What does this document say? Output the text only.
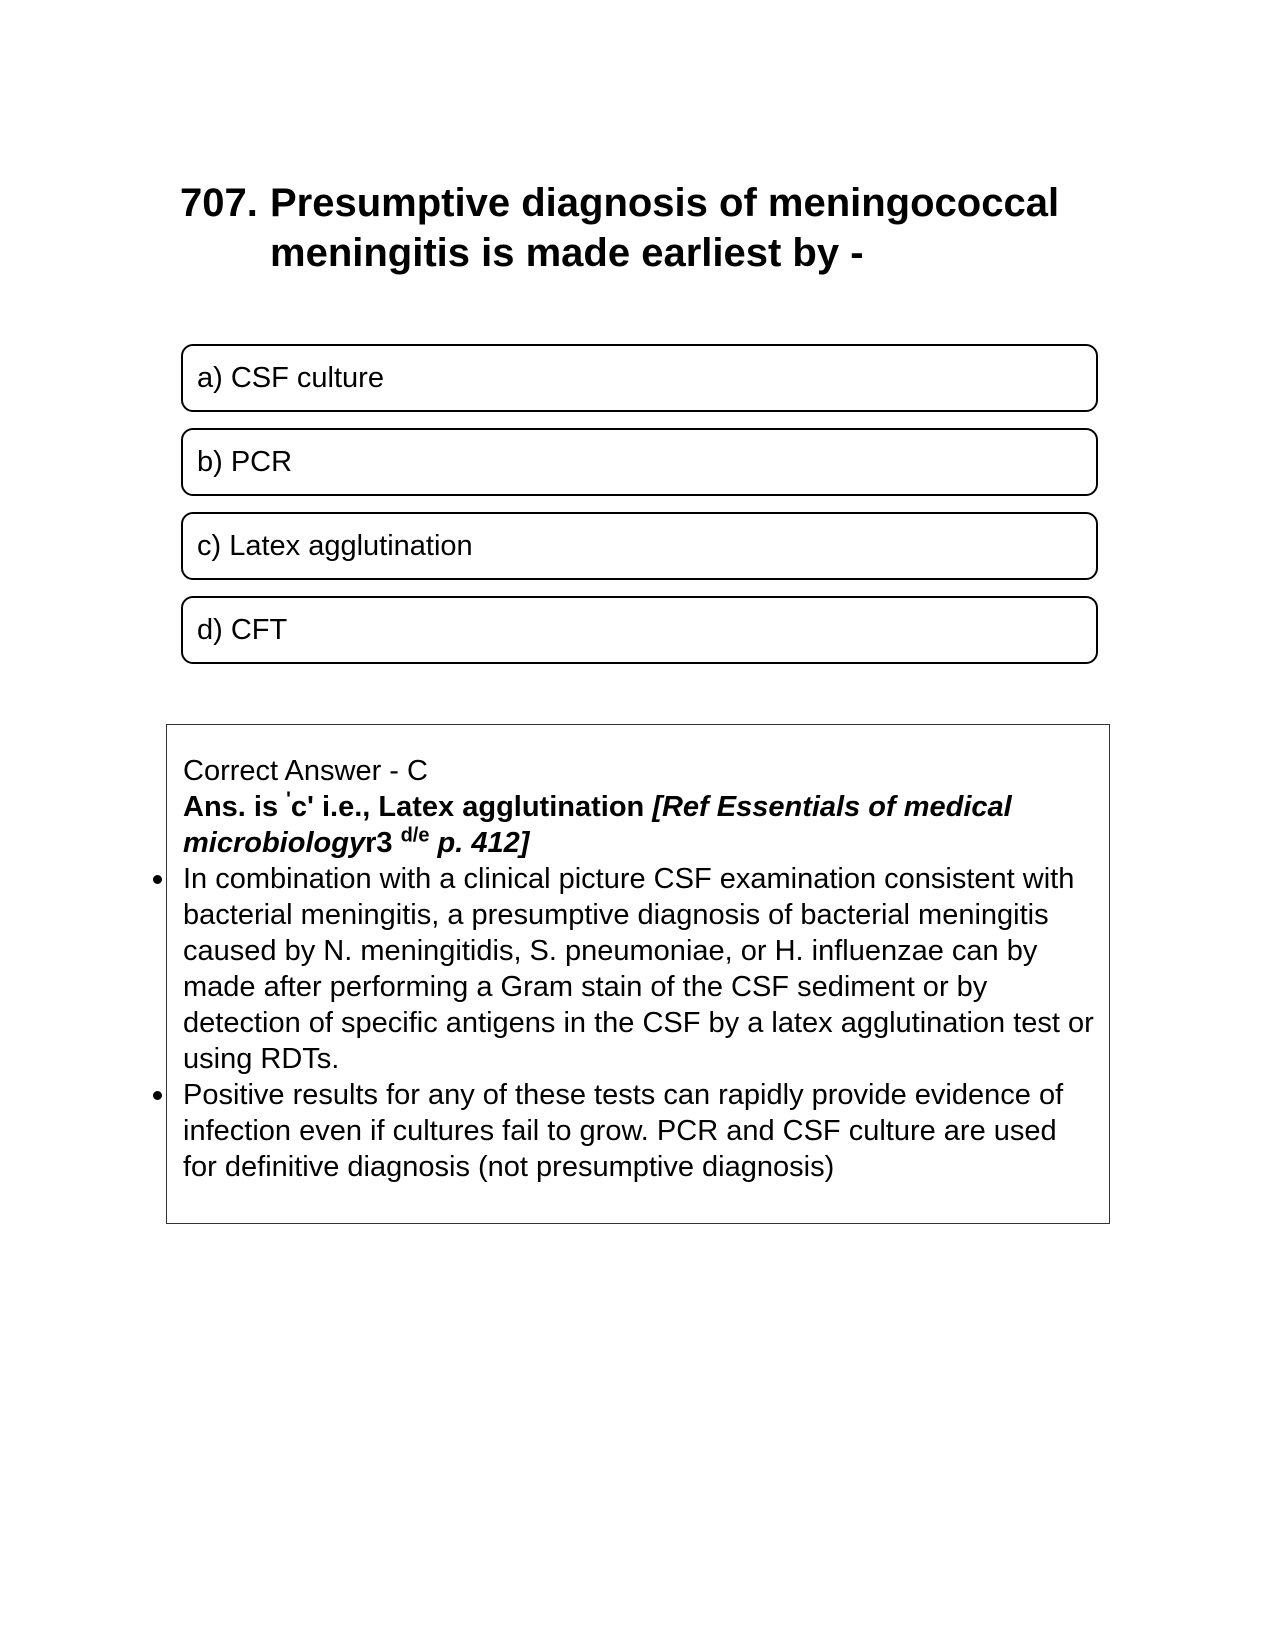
707. Presumptive diagnosis of meningococcal meningitis is made earliest by -
a) CSF culture
b) PCR
c) Latex agglutination
d) CFT

Correct Answer - C

Ans. is 'c' i.e., Latex agglutination [Ref Essentials of medical microbiologyr3 $^{d/e}$ p. 412]

In combination with a clinical picture CSF examination consistent with bacterial meningitis, a presumptive diagnosis of bacterial meningitis caused by N. meningitidis, S. pneumoniae, or H. influenzae can by made after performing a Gram stain of the CSF sediment or by detection of specific antigens in the CSF by a latex agglutination test or using RDTs.
Positive results for any of these tests can rapidly provide evidence of infection even if cultures fail to grow. PCR and CSF culture are used for definitive diagnosis (not presumptive diagnosis)
